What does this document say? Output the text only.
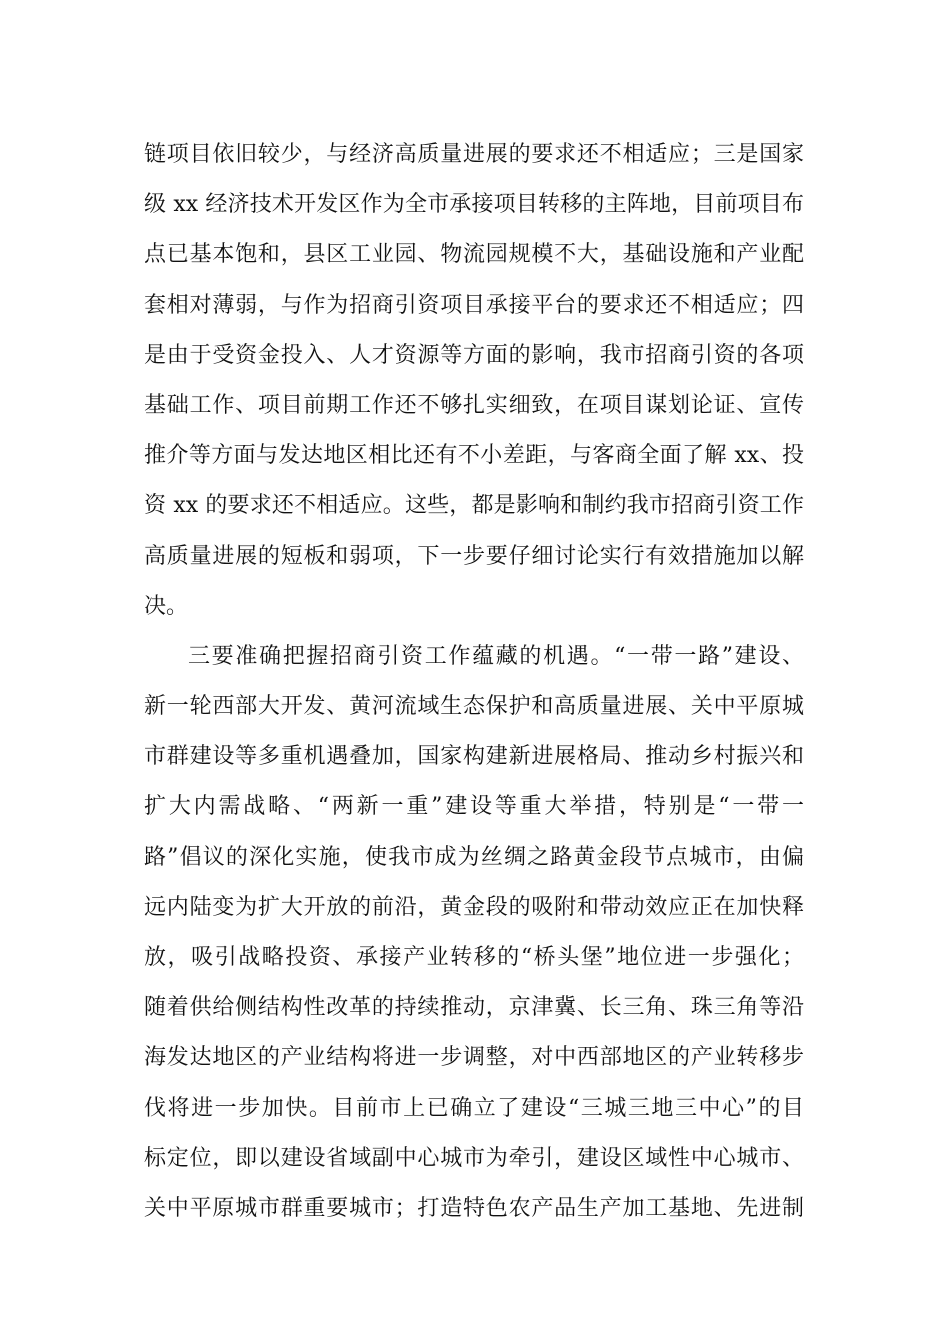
链项目依旧较少，与经济高质量进展的要求还不相适应；三是国家
级 xx 经济技术开发区作为全市承接项目转移的主阵地，目前项目布
点已基本饱和，县区工业园、物流园规模不大，基础设施和产业配
套相对薄弱，与作为招商引资项目承接平台的要求还不相适应；四
是由于受资金投入、人才资源等方面的影响，我市招商引资的各项
基础工作、项目前期工作还不够扎实细致，在项目谋划论证、宣传
推介等方面与发达地区相比还有不小差距，与客商全面了解 xx、投
资 xx 的要求还不相适应。这些，都是影响和制约我市招商引资工作
高质量进展的短板和弱项，下一步要仔细讨论实行有效措施加以解
决。
三要准确把握招商引资工作蕴藏的机遇。“一带一路”建设、
新一轮西部大开发、黄河流域生态保护和高质量进展、关中平原城
市群建设等多重机遇叠加，国家构建新进展格局、推动乡村振兴和
扩大内需战略、“两新一重”建设等重大举措，特别是“一带一
路”倡议的深化实施，使我市成为丝绸之路黄金段节点城市，由偏
远内陆变为扩大开放的前沿，黄金段的吸附和带动效应正在加快释
放，吸引战略投资、承接产业转移的“桥头堡”地位进一步强化；
随着供给侧结构性改革的持续推动，京津冀、长三角、珠三角等沿
海发达地区的产业结构将进一步调整，对中西部地区的产业转移步
伐将进一步加快。目前市上已确立了建设“三城三地三中心”的目
标定位，即以建设省域副中心城市为牵引，建设区域性中心城市、
关中平原城市群重要城市；打造特色农产品生产加工基地、先进制
